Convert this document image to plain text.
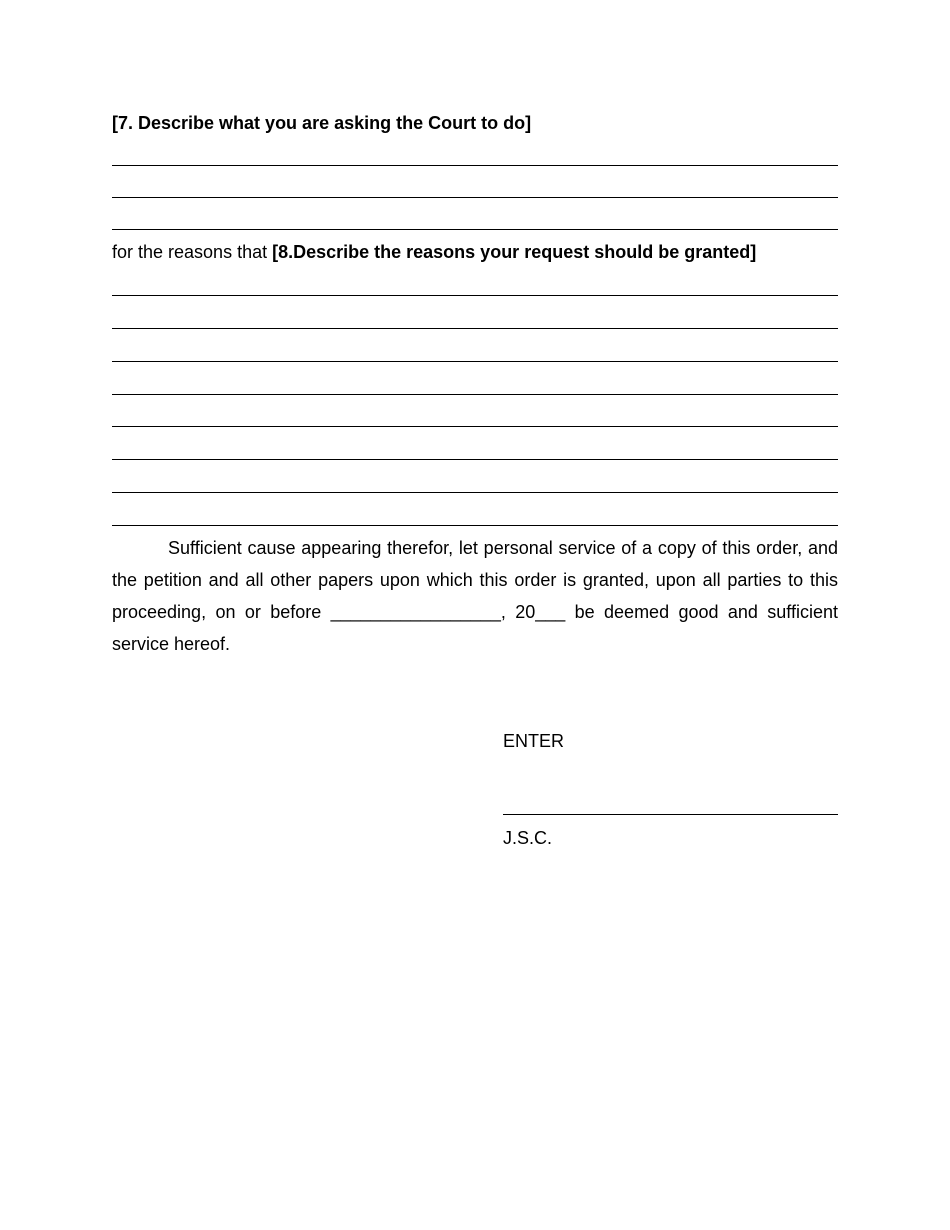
[7. Describe what you are asking the Court to do]
for the reasons that [8.Describe the reasons your request should be granted]

Sufficient cause appearing therefor, let personal service of a copy of this order, and the petition and all other papers upon which this order is granted, upon all parties to this proceeding, on or before _________________, 20___ be deemed good and sufficient service hereof.

ENTER
J.S.C.
